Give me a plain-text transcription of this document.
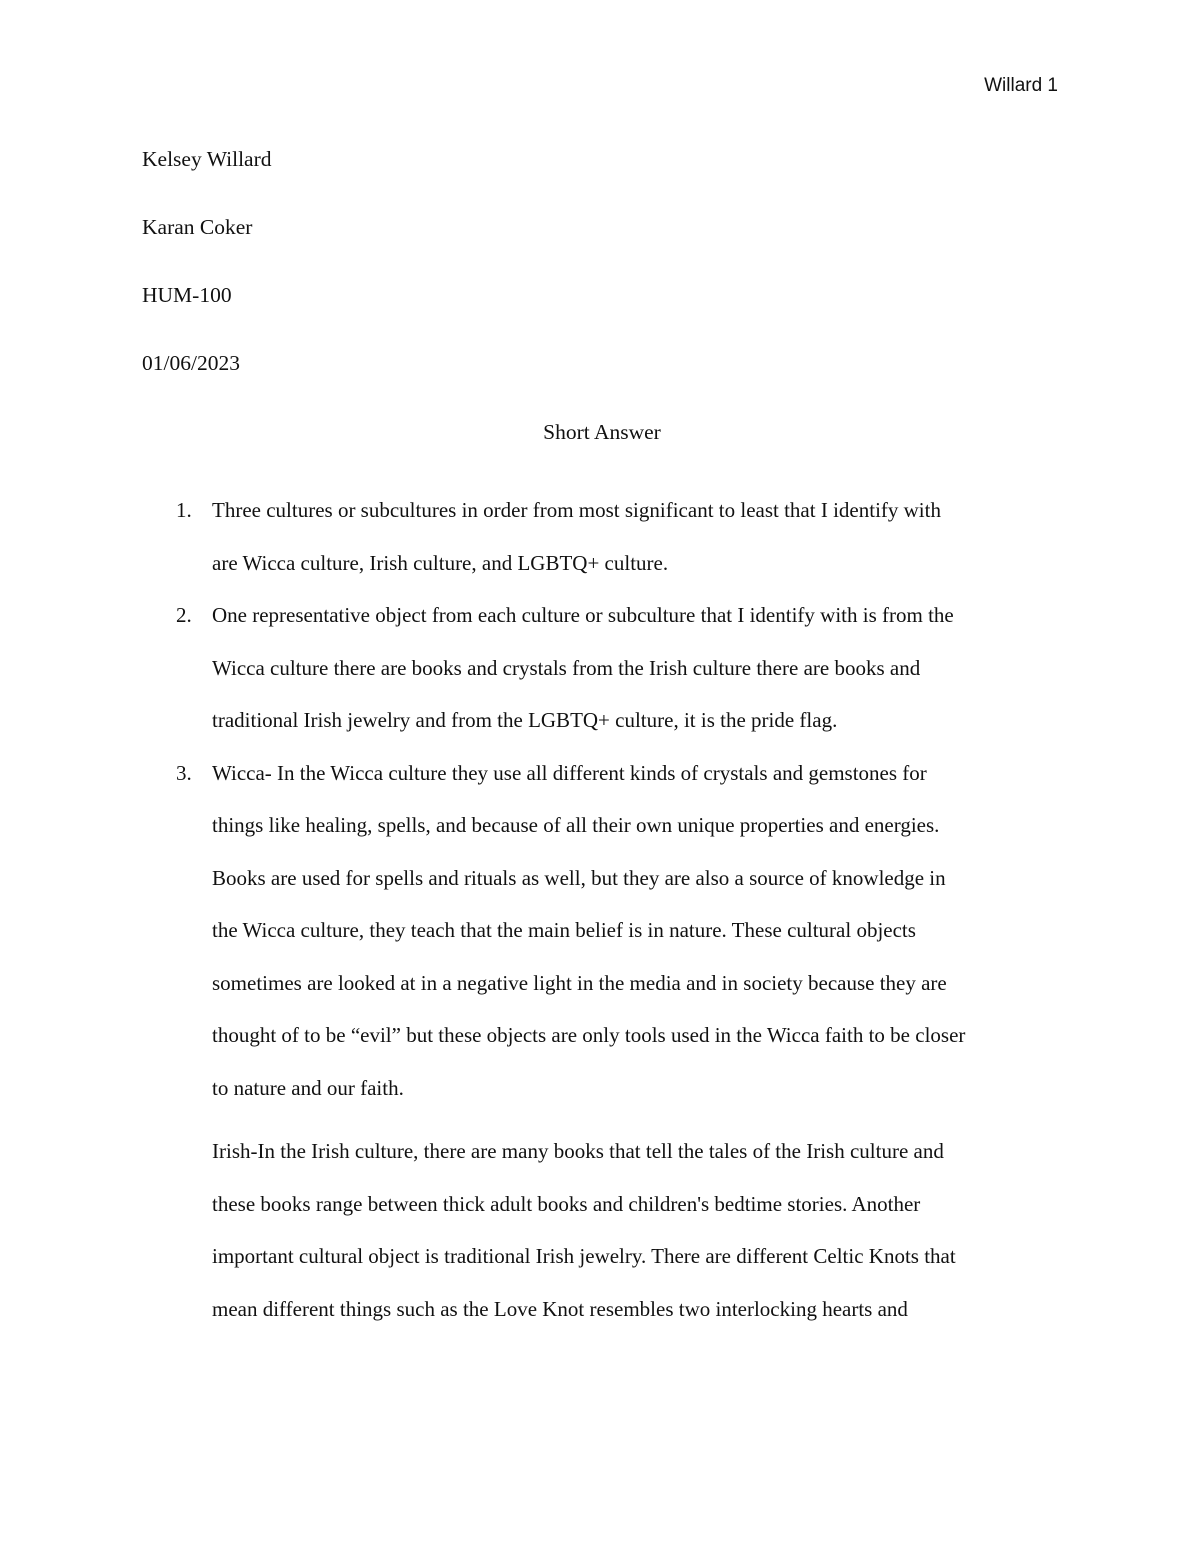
Willard 1
Kelsey Willard
Karan Coker
HUM-100
01/06/2023
Short Answer
1. Three cultures or subcultures in order from most significant to least that I identify with
are Wicca culture, Irish culture, and LGBTQ+ culture.
2. One representative object from each culture or subculture that I identify with is from the
Wicca culture there are books and crystals from the Irish culture there are books and
traditional Irish jewelry and from the LGBTQ+ culture, it is the pride flag.
3. Wicca- In the Wicca culture they use all different kinds of crystals and gemstones for
things like healing, spells, and because of all their own unique properties and energies.
Books are used for spells and rituals as well, but they are also a source of knowledge in
the Wicca culture, they teach that the main belief is in nature. These cultural objects
sometimes are looked at in a negative light in the media and in society because they are
thought of to be “evil” but these objects are only tools used in the Wicca faith to be closer
to nature and our faith.
Irish-In the Irish culture, there are many books that tell the tales of the Irish culture and
these books range between thick adult books and children's bedtime stories. Another
important cultural object is traditional Irish jewelry. There are different Celtic Knots that
mean different things such as the Love Knot resembles two interlocking hearts and
